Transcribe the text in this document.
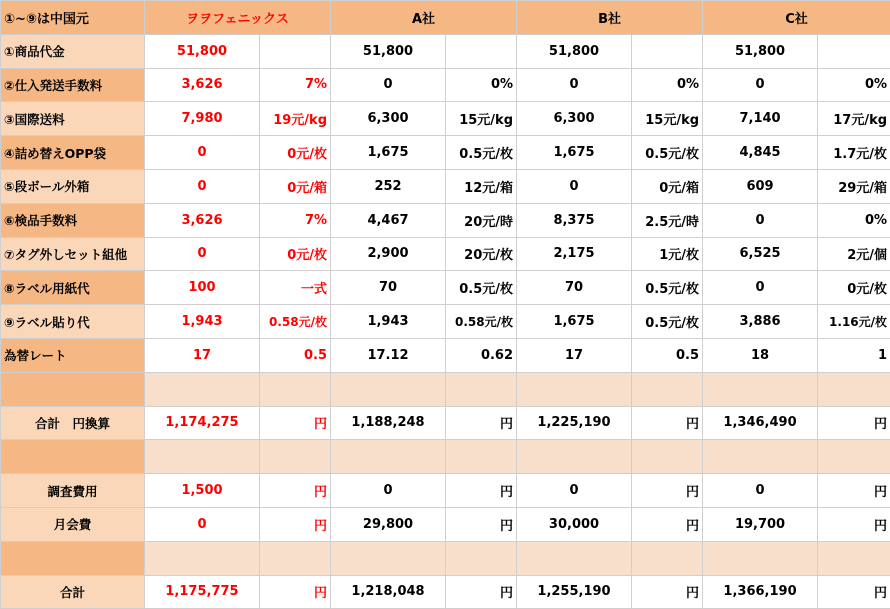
①~⑨は中国元	ヲヲフェニックス		A社		B社		C社	
①商品代金	51,800		51,800		51,800		51,800	
②仕入発送手数料	3,626	7%	0	0%	0	0%	0	0%
③国際送料	7,980	19元/kg	6,300	15元/kg	6,300	15元/kg	7,140	17元/kg
④詰め替えOPP袋	0	0元/枚	1,675	0.5元/枚	1,675	0.5元/枚	4,845	1.7元/枚
⑤段ボール外箱	0	0元/箱	252	12元/箱	0	0元/箱	609	29元/箱
⑥検品手数料	3,626	7%	4,467	20元/時	8,375	2.5元/時	0	0%
⑦タグ外しセット組他	0	0元/枚	2,900	20元/枚	2,175	1元/枚	6,525	2元/個
⑧ラベル用紙代	100	一式	70	0.5元/枚	70	0.5元/枚	0	0元/枚
⑨ラベル貼り代	1,943	0.58元/枚	1,943	0.58元/枚	1,675	0.5元/枚	3,886	1.16元/枚
為替レート	17	0.5	17.12	0.62	17	0.5	18	1

合計　円換算	1,174,275	円	1,188,248	円	1,225,190	円	1,346,490	円

調査費用	1,500	円	0	円	0	円	0	円
月会費	0	円	29,800	円	30,000	円	19,700	円

合計	1,175,775	円	1,218,048	円	1,255,190	円	1,366,190	円
